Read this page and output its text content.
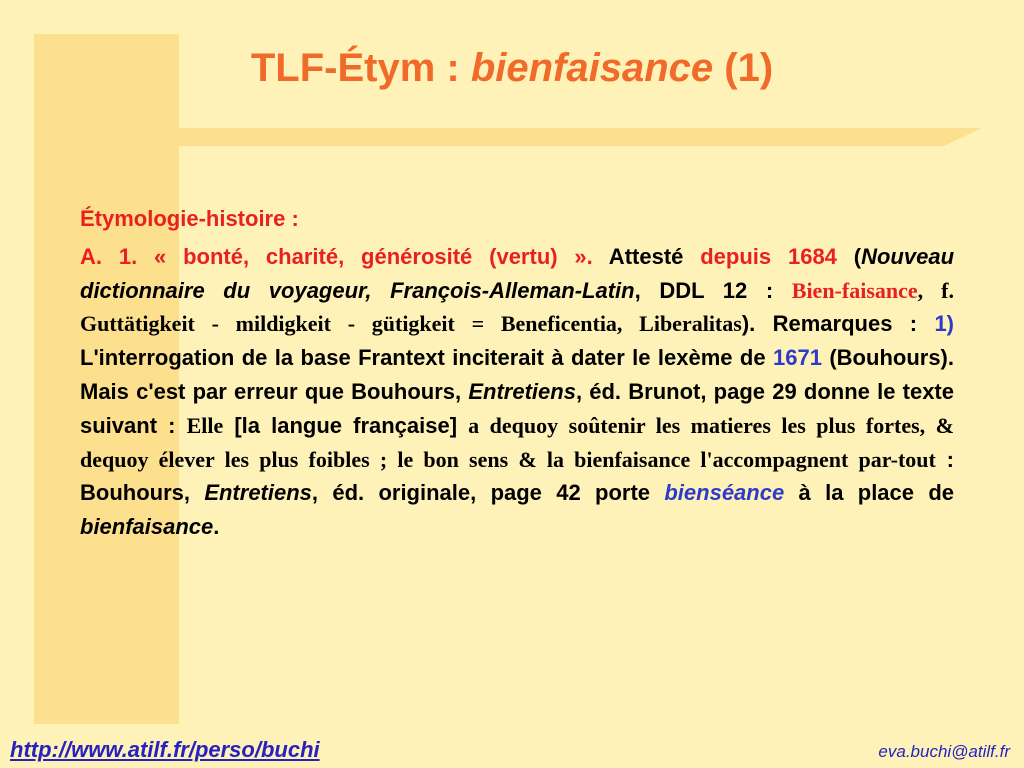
TLF-Étym : bienfaisance (1)

Étymologie-histoire :

A. 1. « bonté, charité, générosité (vertu) ». Attesté depuis 1684 (Nouveau dictionnaire du voyageur, François-Alleman-Latin, DDL 12 : Bien-faisance, f. Guttätigkeit - mildigkeit - gütigkeit = Beneficentia, Liberalitas). Remarques : 1) L'interrogation de la base Frantext inciterait à dater le lexème de 1671 (Bouhours). Mais c'est par erreur que Bouhours, Entretiens, éd. Brunot, page 29 donne le texte suivant : Elle [la langue française] a dequoy soûtenir les matieres les plus fortes, & dequoy élever les plus foibles ; le bon sens & la bienfaisance l'accompagnent par-tout : Bouhours, Entretiens, éd. originale, page 42 porte bienséance à la place de bienfaisance.

http://www.atilf.fr/perso/buchi	eva.buchi@atilf.fr
